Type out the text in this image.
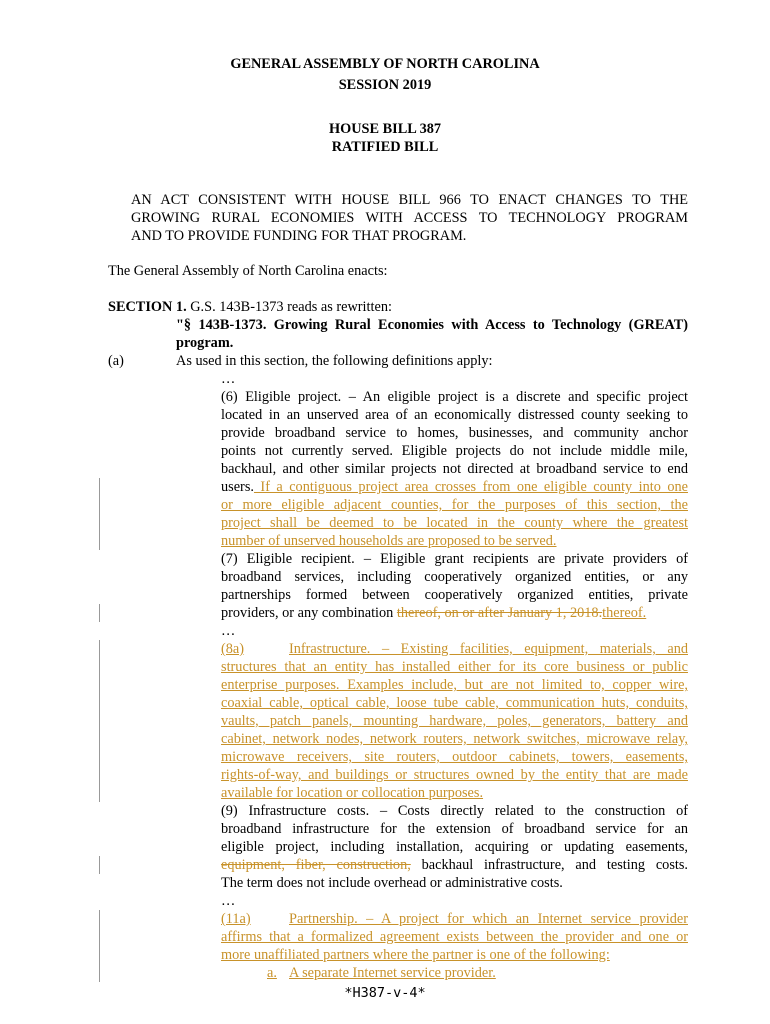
GENERAL ASSEMBLY OF NORTH CAROLINA
SESSION 2019
HOUSE BILL 387
RATIFIED BILL
AN ACT CONSISTENT WITH HOUSE BILL 966 TO ENACT CHANGES TO THE
GROWING RURAL ECONOMIES WITH ACCESS TO TECHNOLOGY PROGRAM
AND TO PROVIDE FUNDING FOR THAT PROGRAM.
The General Assembly of North Carolina enacts:
SECTION 1. G.S. 143B-1373 reads as rewritten:
"§ 143B-1373. Growing Rural Economies with Access to Technology (GREAT)
program.
(a)	As used in this section, the following definitions apply:
…
(6) Eligible project. – An eligible project is a discrete and specific project
located in an unserved area of an economically distressed county seeking to
provide broadband service to homes, businesses, and community anchor
points not currently served. Eligible projects do not include middle mile,
backhaul, and other similar projects not directed at broadband service to end
users. If a contiguous project area crosses from one eligible county into one
or more eligible adjacent counties, for the purposes of this section, the
project shall be deemed to be located in the county where the greatest
number of unserved households are proposed to be served.
(7) Eligible recipient. – Eligible grant recipients are private providers of
broadband services, including cooperatively organized entities, or any
partnerships formed between cooperatively organized entities, private
providers, or any combination thereof, on or after January 1, 2018.thereof.
…
(8a)	Infrastructure. – Existing facilities, equipment, materials, and
structures that an entity has installed either for its core business or public
enterprise purposes. Examples include, but are not limited to, copper wire,
coaxial cable, optical cable, loose tube cable, communication huts, conduits,
vaults, patch panels, mounting hardware, poles, generators, battery and
cabinet, network nodes, network routers, network switches, microwave relay,
microwave receivers, site routers, outdoor cabinets, towers, easements,
rights-of-way, and buildings or structures owned by the entity that are made
available for location or collocation purposes.
(9) Infrastructure costs. – Costs directly related to the construction of
broadband infrastructure for the extension of broadband service for an
eligible project, including installation, acquiring or updating easements,
equipment, fiber, construction, backhaul infrastructure, and testing costs.
The term does not include overhead or administrative costs.
…
(11a)	Partnership. – A project for which an Internet service provider
affirms that a formalized agreement exists between the provider and one or
more unaffiliated partners where the partner is one of the following:
a. A separate Internet service provider.
*H387-v-4*
